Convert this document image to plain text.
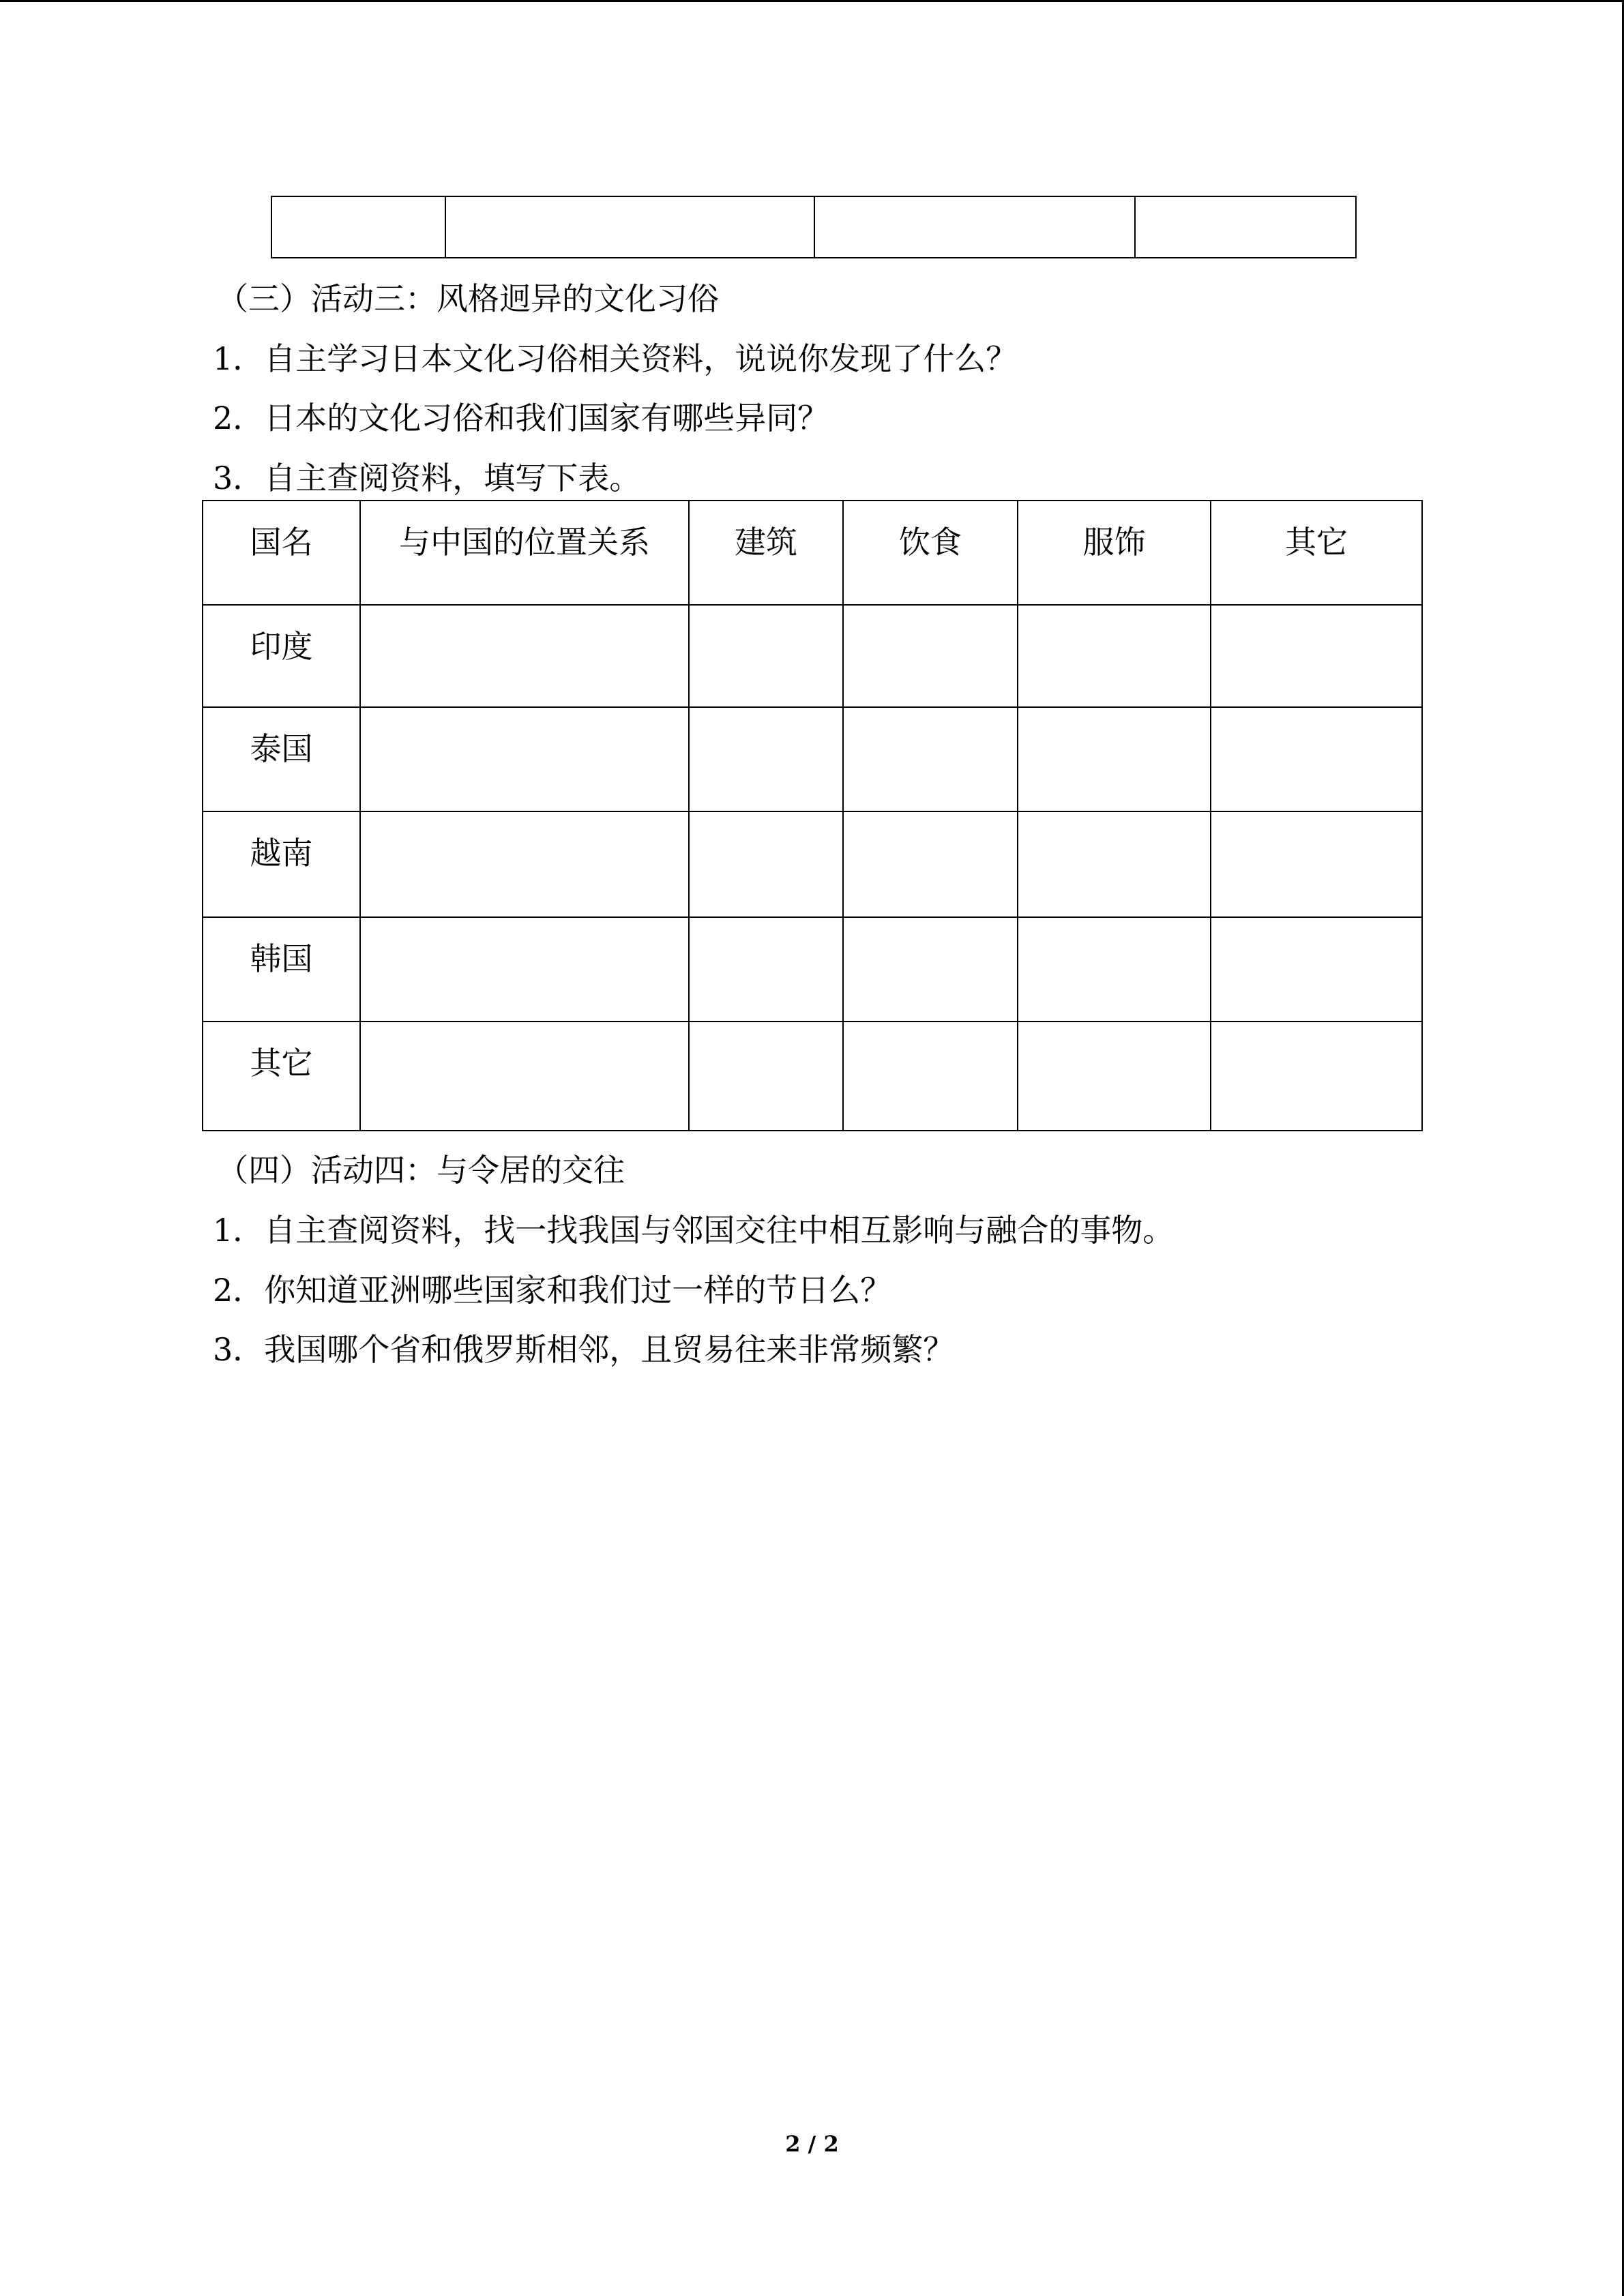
（三）活动三：风格迥异的文化习俗
1．自主学习日本文化习俗相关资料，说说你发现了什么？
2．日本的文化习俗和我们国家有哪些异同？
3．自主查阅资料，填写下表。
国名	与中国的位置关系	建筑	饮食	服饰	其它
印度					
泰国					
越南					
韩国					
其它					
（四）活动四：与令居的交往
1．自主查阅资料，找一找我国与邻国交往中相互影响与融合的事物。
2．你知道亚洲哪些国家和我们过一样的节日么？
3．我国哪个省和俄罗斯相邻，且贸易往来非常频繁？
2 / 2
